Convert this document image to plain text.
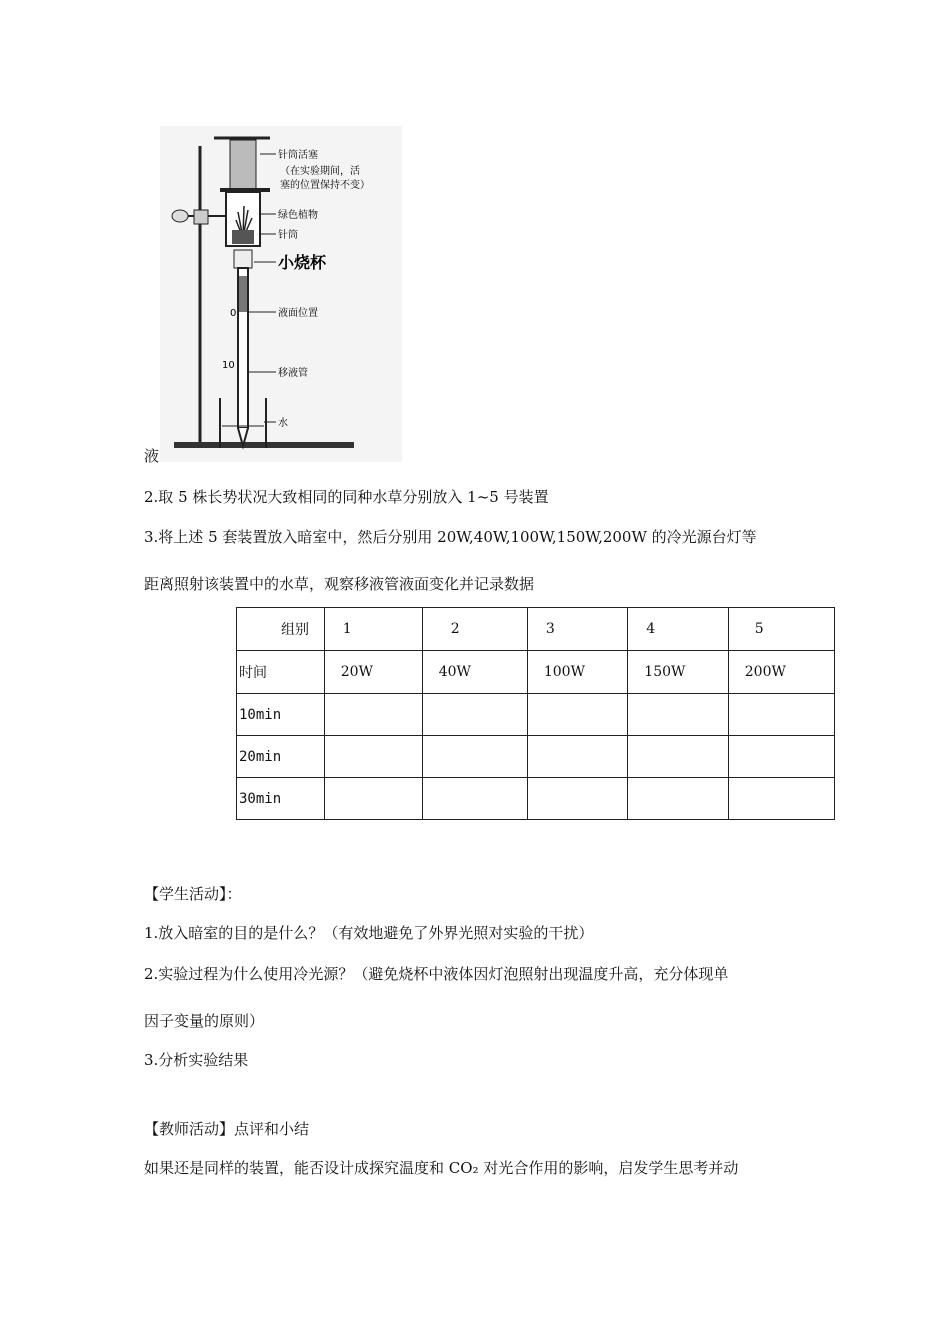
针筒活塞
（在实验期间，活
塞的位置保持不变）
绿色植物
针筒
小烧杯
0	液面位置
10
移液管
水
液
2.取 5 株长势状况大致相同的同种水草分别放入 1~5 号装置
3.将上述 5 套装置放入暗室中，然后分别用 20W,40W,100W,150W,200W 的冷光源台灯等
距离照射该装置中的水草，观察移液管液面变化并记录数据
组别	1	2	3	4	5
时间	20W	40W	100W	150W	200W
10min					
20min					
30min					
【学生活动】：
1.放入暗室的目的是什么？（有效地避免了外界光照对实验的干扰）
2.实验过程为什么使用冷光源？（避免烧杯中液体因灯泡照射出现温度升高，充分体现单
因子变量的原则）
3.分析实验结果
【教师活动】点评和小结
如果还是同样的装置，能否设计成探究温度和 CO₂ 对光合作用的影响，启发学生思考并动
